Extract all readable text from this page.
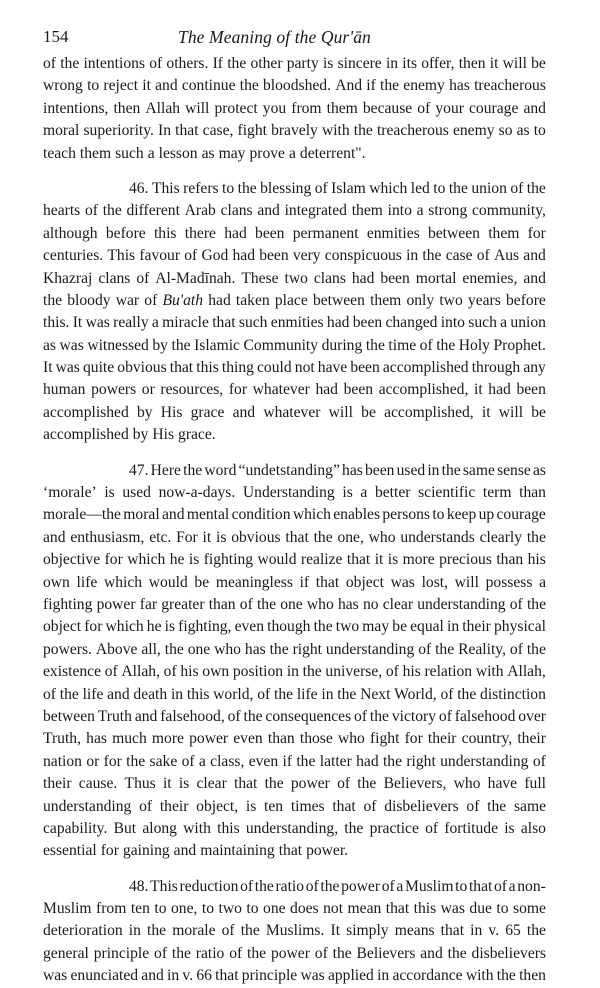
154	The Meaning of the Qur'ān
of the intentions of others. If the other party is sincere in its offer, then it will be
wrong to reject it and continue the bloodshed. And if the enemy has treacherous
intentions, then Allah will protect you from them because of your courage and
moral superiority. In that case, fight bravely with the treacherous enemy so as to
teach them such a lesson as may prove a deterrent".
46. This refers to the blessing of Islam which led to the union of the
hearts of the different Arab clans and integrated them into a strong community,
although before this there had been permanent enmities between them for
centuries. This favour of God had been very conspicuous in the case of Aus and
Khazraj clans of Al-Madīnah. These two clans had been mortal enemies, and
the bloody war of Bu'ath had taken place between them only two years before
this. It was really a miracle that such enmities had been changed into such a union
as was witnessed by the Islamic Community during the time of the Holy Prophet.
It was quite obvious that this thing could not have been accomplished through any
human powers or resources, for whatever had been accomplished, it had been
accomplished by His grace and whatever will be accomplished, it will be
accomplished by His grace.
47. Here the word “undetstanding” has been used in the same sense as
‘morale’ is used now-a-days. Understanding is a better scientific term than
morale—the moral and mental condition which enables persons to keep up courage
and enthusiasm, etc. For it is obvious that the one, who understands clearly the
objective for which he is fighting would realize that it is more precious than his
own life which would be meaningless if that object was lost, will possess a
fighting power far greater than of the one who has no clear understanding of the
object for which he is fighting, even though the two may be equal in their physical
powers. Above all, the one who has the right understanding of the Reality, of the
existence of Allah, of his own position in the universe, of his relation with Allah,
of the life and death in this world, of the life in the Next World, of the distinction
between Truth and falsehood, of the consequences of the victory of falsehood over
Truth, has much more power even than those who fight for their country, their
nation or for the sake of a class, even if the latter had the right understanding of
their cause. Thus it is clear that the power of the Believers, who have full
understanding of their object, is ten times that of disbelievers of the same
capability. But along with this understanding, the practice of fortitude is also
essential for gaining and maintaining that power.
48. This reduction of the ratio of the power of a Muslim to that of a non-
Muslim from ten to one, to two to one does not mean that this was due to some
deterioration in the morale of the Muslims. It simply means that in v. 65 the
general principle of the ratio of the power of the Believers and the disbelievers
was enunciated and in v. 66 that principle was applied in accordance with the then
